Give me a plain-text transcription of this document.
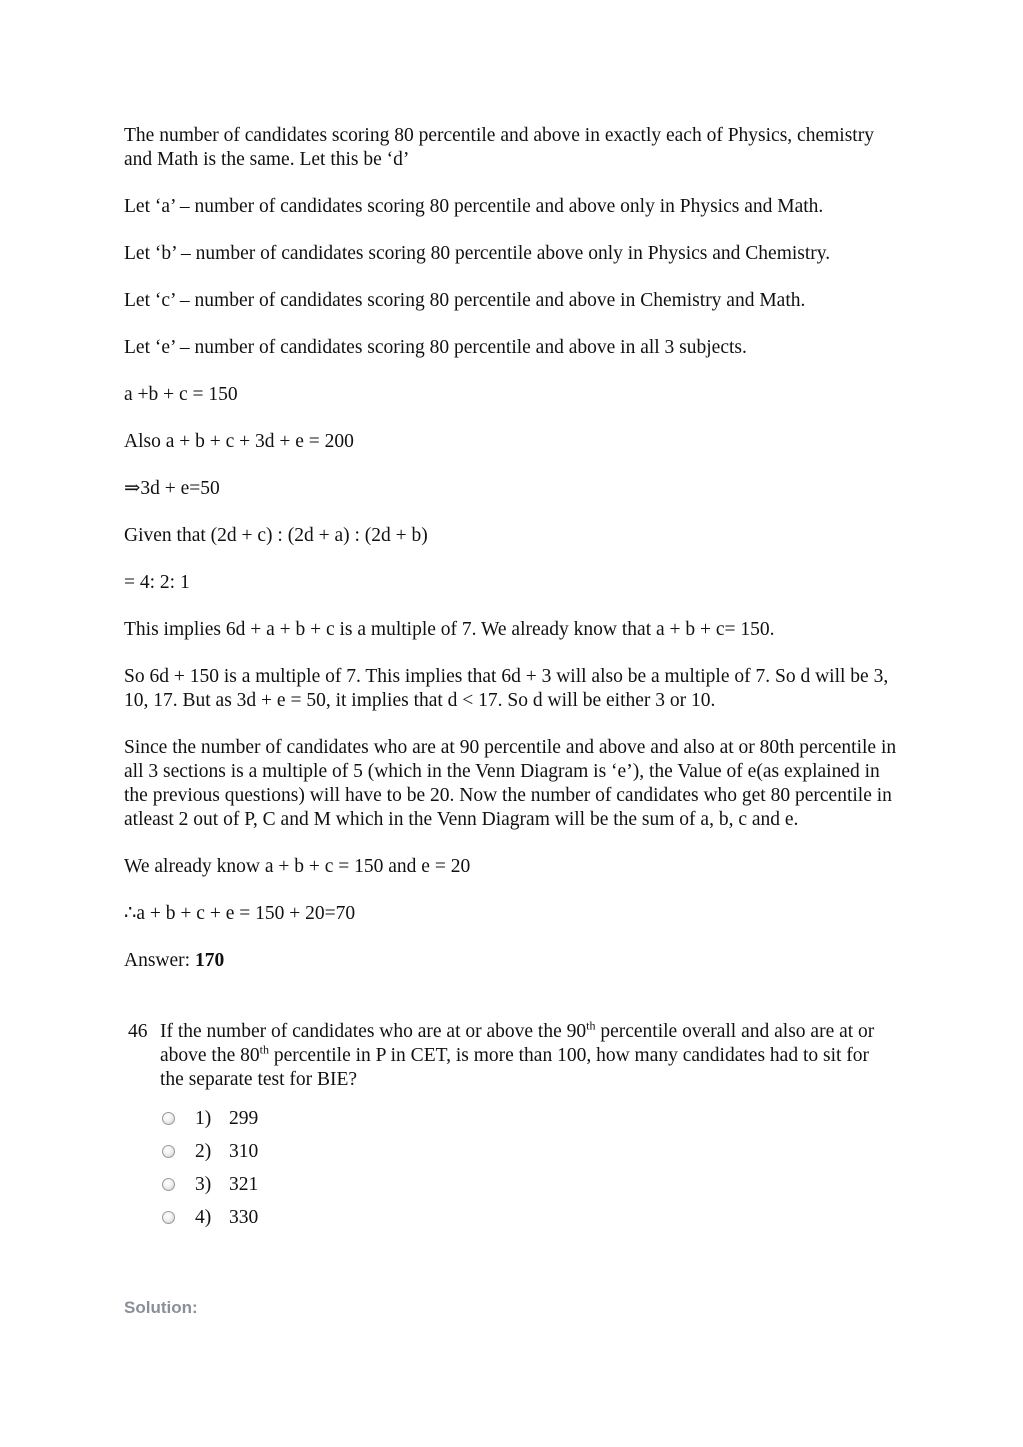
The number of candidates scoring 80 percentile and above in exactly each of Physics, chemistry and Math is the same. Let this be ‘d’

Let ‘a’ – number of candidates scoring 80 percentile and above only in Physics and Math.

Let ‘b’ – number of candidates scoring 80 percentile above only in Physics and Chemistry.

Let ‘c’ – number of candidates scoring 80 percentile and above in Chemistry and Math.

Let ‘e’ – number of candidates scoring 80 percentile and above in all 3 subjects.

a +b + c = 150

Also a + b + c + 3d + e = 200

⇒3d + e=50

Given that (2d + c) : (2d + a) : (2d + b)

= 4: 2: 1

This implies 6d + a + b + c is a multiple of 7. We already know that a + b + c= 150.

So 6d + 150 is a multiple of 7. This implies that 6d + 3 will also be a multiple of 7. So d will be 3, 10, 17. But as 3d + e = 50, it implies that d < 17. So d will be either 3 or 10.

Since the number of candidates who are at 90 percentile and above and also at or 80th percentile in all 3 sections is a multiple of 5 (which in the Venn Diagram is ‘e’), the Value of e(as explained in the previous questions) will have to be 20. Now the number of candidates who get 80 percentile in atleast 2 out of P, C and M which in the Venn Diagram will be the sum of a, b, c and e.

We already know a + b + c = 150 and e = 20

∴a + b + c + e = 150 + 20=70

Answer: 170

46 If the number of candidates who are at or above the 90th percentile overall and also are at or above the 80th percentile in P in CET, is more than 100, how many candidates had to sit for the separate test for BIE?
1) 299
2) 310
3) 321
4) 330
Solution:
